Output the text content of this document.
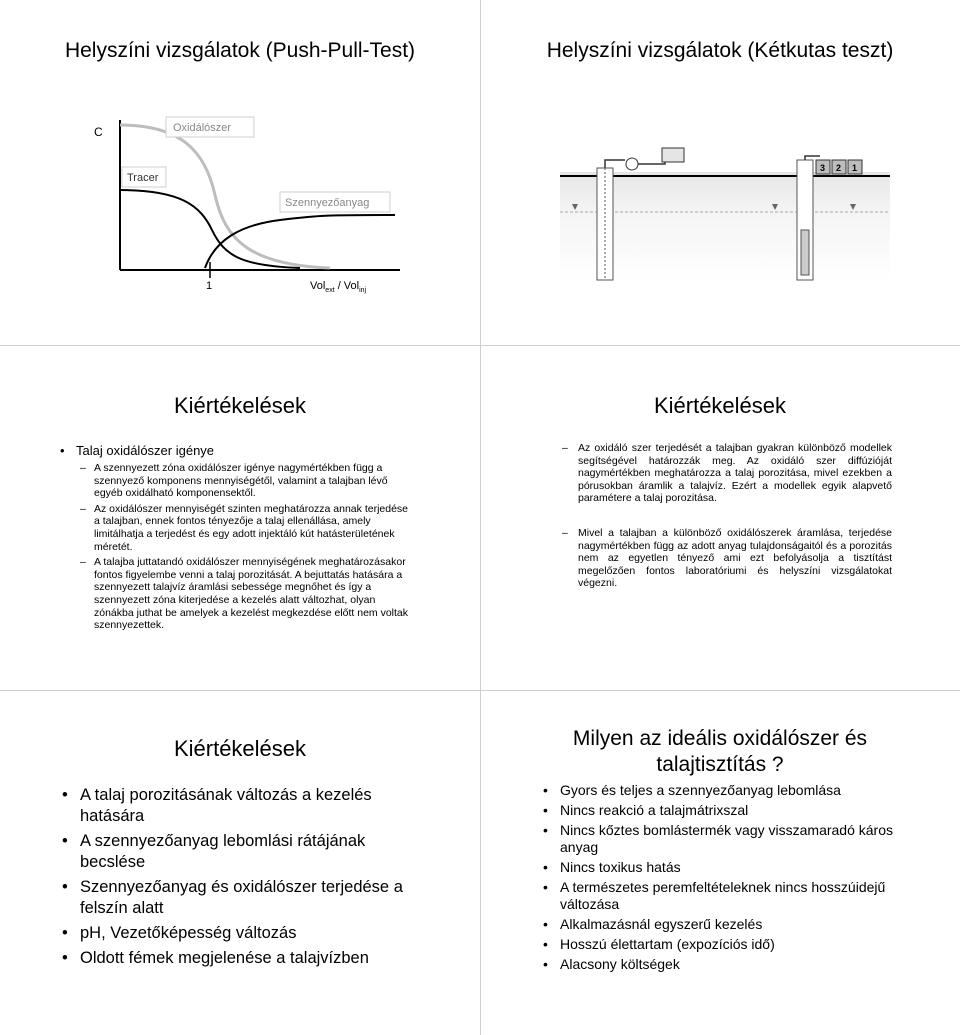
Helyszíni vizsgálatok (Push-Pull-Test)
Oxidálószer
Tracer
Szennyezőanyag
C
1	Vol$_{ext}$ / Vol$_{inj}$
Helyszíni vizsgálatok (Kétkutas teszt)
3 2 1
Kiértékelések
• Talaj oxidálószer igénye
– A szennyezett zóna oxidálószer igénye nagymértékben függ a szennyező komponens mennyiségétől, valamint a talajban lévő egyéb oxidálható komponensektől.
– Az oxidálószer mennyiségét szinten meghatározza annak terjedése a talajban, ennek fontos tényezője a talaj ellenállása, amely limitálhatja a terjedést és egy adott injektáló kút hatásterületének méretét.
– A talajba juttatandó oxidálószer mennyiségének meghatározásakor fontos figyelembe venni a talaj porozitását. A bejuttatás hatására a szennyezett talajvíz áramlási sebessége megnőhet és így a szennyezett zóna kiterjedése a kezelés alatt változhat, olyan zónákba juthat be amelyek a kezelést megkezdése előtt nem voltak szennyezettek.
Kiértékelések
– Az oxidáló szer terjedését a talajban gyakran különböző modellek segítségével határozzák meg. Az oxidáló szer diffúzióját nagymértékben meghatározza a talaj porozitása, mivel ezekben a pórusokban áramlik a talajvíz. Ezért a modellek egyik alapvető paramétere a talaj porozitása.
– Mivel a talajban a különböző oxidálószerek áramlása, terjedése nagymértékben függ az adott anyag tulajdonságaitól és a porozitás nem az egyetlen tényező ami ezt befolyásolja a tisztítást megelőzően fontos laboratóriumi és helyszíni vizsgálatokat végezni.
Kiértékelések
• A talaj porozitásának változás a kezelés hatására
• A szennyezőanyag lebomlási rátájának becslése
• Szennyezőanyag és oxidálószer terjedése a felszín alatt
• pH, Vezetőképesség változás
• Oldott fémek megjelenése a talajvízben
Milyen az ideális oxidálószer és talajtisztítás ?
• Gyors és teljes a szennyezőanyag lebomlása
• Nincs reakció a talajmátrixszal
• Nincs kőztes bomlástermék vagy visszamaradó káros anyag
• Nincs toxikus hatás
• A természetes peremfeltételeknek nincs hosszúidejű változása
• Alkalmazásnál egyszerű kezelés
• Hosszú élettartam (expozíciós idő)
• Alacsony költségek
